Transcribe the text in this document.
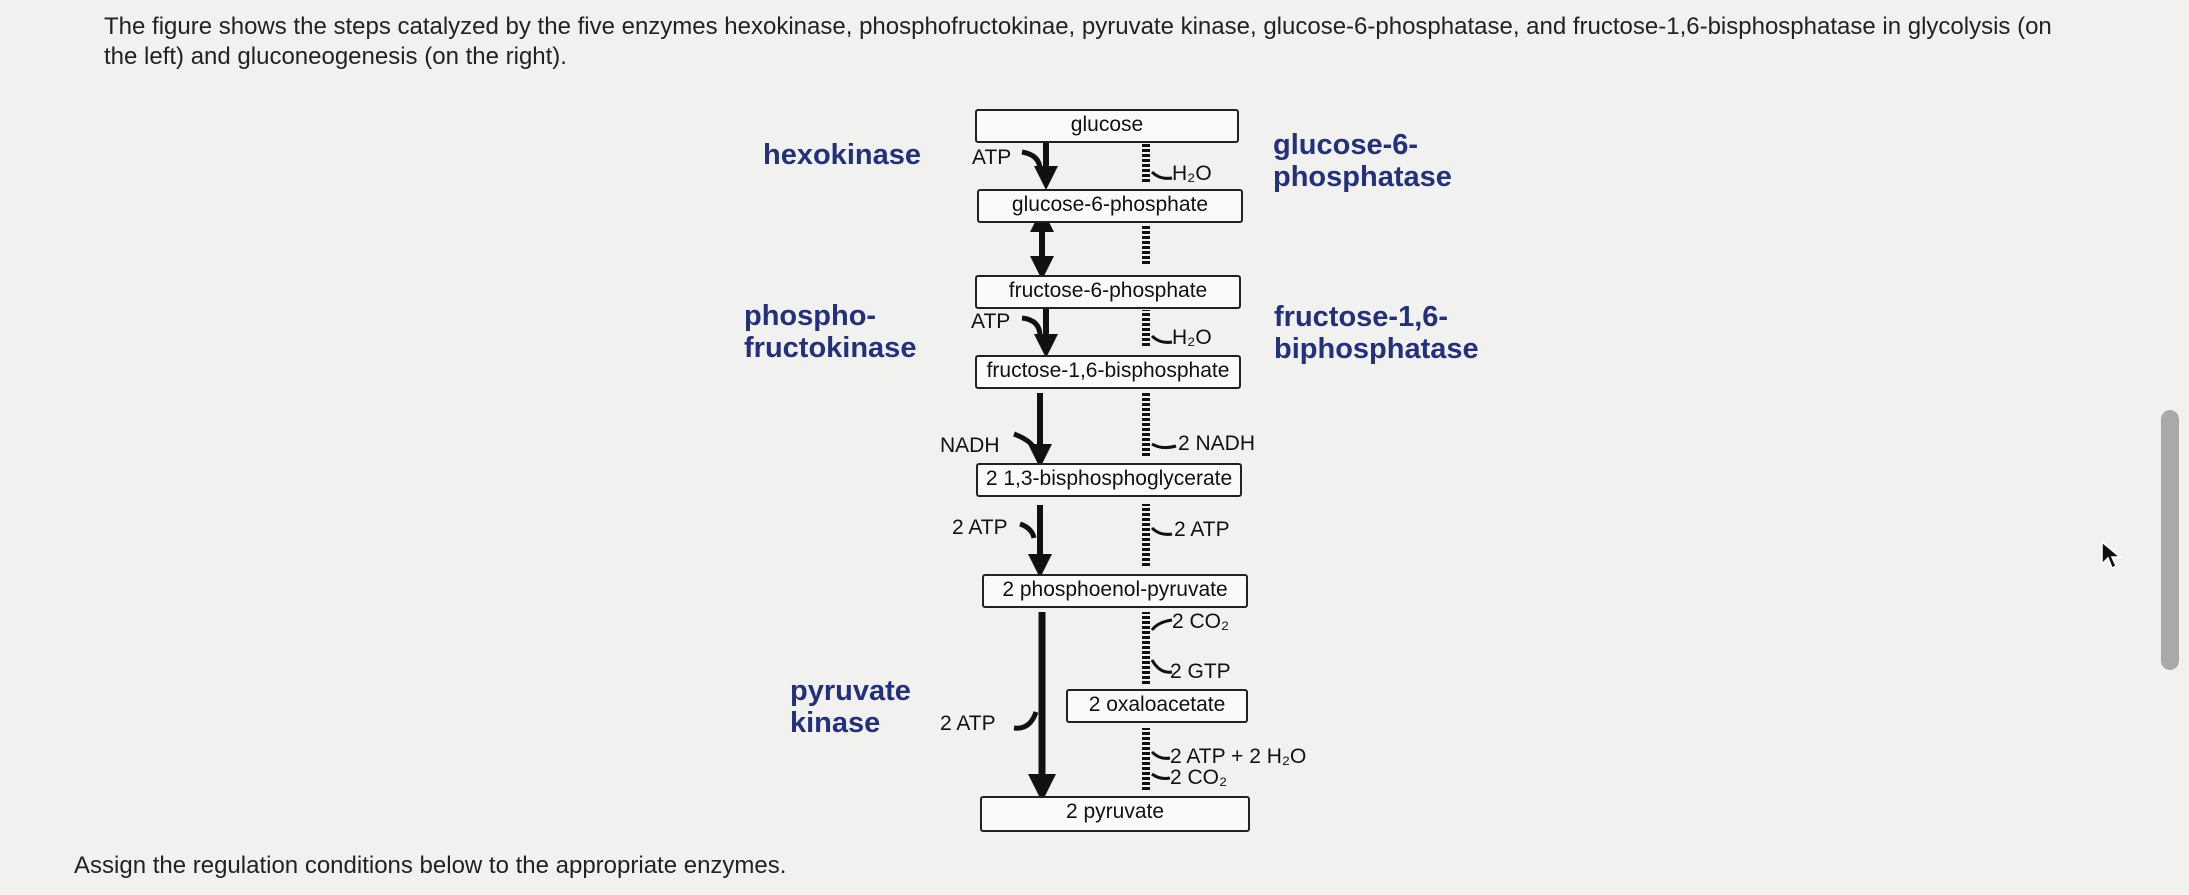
The figure shows the steps catalyzed by the five enzymes hexokinase, phosphofructokinae, pyruvate kinase, glucose-6-phosphatase, and fructose-1,6-bisphosphatase in glycolysis (on the left) and gluconeogenesis (on the right).
hexokinase	glucose-6-
phosphatase
phospho-
fructokinase
fructose-1,6-
biphosphatase
pyruvate
kinase
glucose
glucose-6-phosphate
fructose-6-phosphate
fructose-1,6-bisphosphate
2 1,3-bisphosphoglycerate
2 phosphoenol-pyruvate
2 oxaloacetate
2 pyruvate
ATP
H₂O
ATP
H₂O
NADH	2 NADH
2 ATP	2 ATP
2 CO₂
2 GTP
2 ATP
2 ATP + 2 H₂O
2 CO₂
Assign the regulation conditions below to the appropriate enzymes.
